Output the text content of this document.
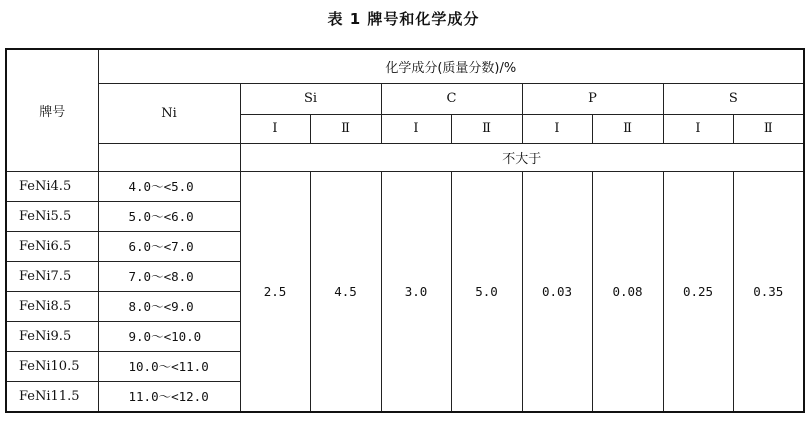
表 1 牌号和化学成分
牌号	化学成分(质量分数)/%								
	Ni	Si		C		P		S	
		Ⅰ	Ⅱ	Ⅰ	Ⅱ	Ⅰ	Ⅱ	Ⅰ	Ⅱ
		不大于							
FeNi4.5	4.0～<5.0	2.5	4.5	3.0	5.0	0.03	0.08	0.25	0.35
FeNi5.5	5.0～<6.0								
FeNi6.5	6.0～<7.0								
FeNi7.5	7.0～<8.0								
FeNi8.5	8.0～<9.0								
FeNi9.5	9.0～<10.0								
FeNi10.5	10.0～<11.0								
FeNi11.5	11.0～<12.0								
